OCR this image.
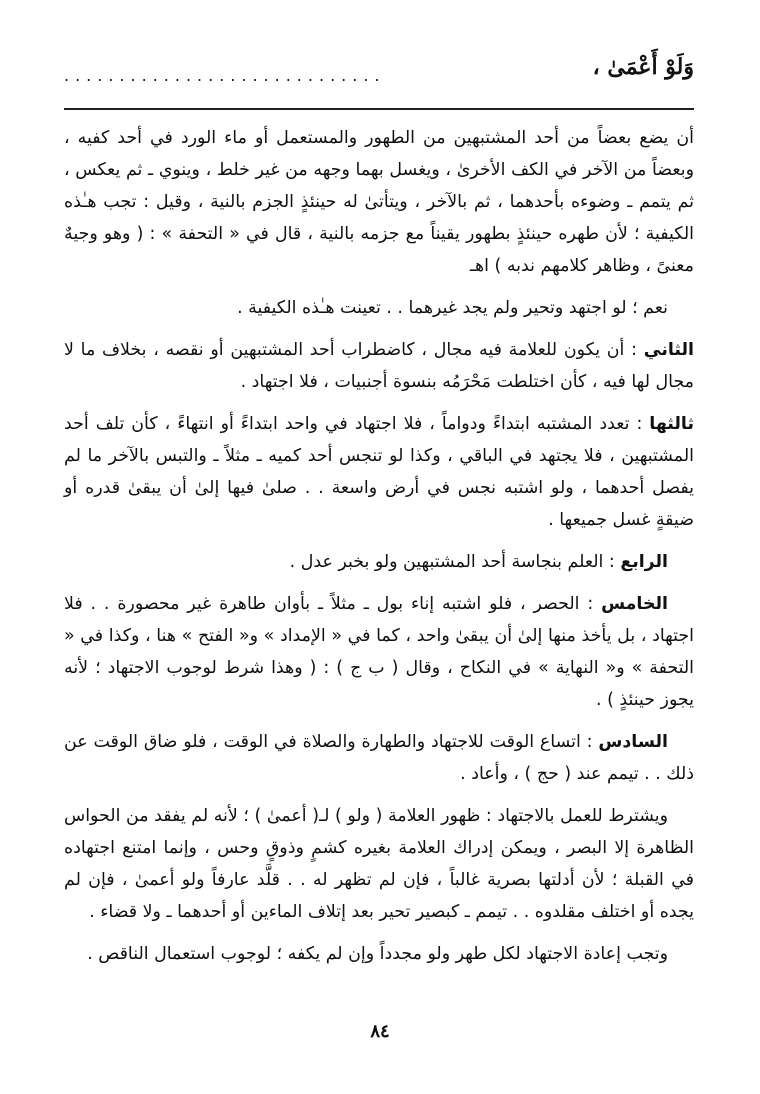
وَلَوْ أَعْمَىٰ ،
.............................

أن يضع بعضاً من أحد المشتبهين من الطهور والمستعمل أو ماء الورد في أحد كفيه ، وبعضاً من الآخر في الكف الأخرىٰ ، ويغسل بهما وجهه من غير خلط ، وينوي ـ ثم يعكس ، ثم يتمم ـ وضوءه بأحدهما ، ثم بالآخر ، ويتأتىٰ له حينئذٍ الجزم بالنية ، وقيل : تجب هـٰذه الكيفية ؛ لأن طهره حينئذٍ بطهور يقيناً مع جزمه بالنية ، قال في « التحفة » : ( وهو وجيهٌ معنىً ، وظاهر كلامهم ندبه ) اهـ

نعم ؛ لو اجتهد وتحير ولم يجد غيرهما . . تعينت هـٰذه الكيفية .

الثاني : أن يكون للعلامة فيه مجال ، كاضطراب أحد المشتبهين أو نقصه ، بخلاف ما لا مجال لها فيه ، كأن اختلطت مَحْرَمُه بنسوة أجنبيات ، فلا اجتهاد .

ثالثها : تعدد المشتبه ابتداءً ودواماً ، فلا اجتهاد في واحد ابتداءً أو انتهاءً ، كأن تلف أحد المشتبهين ، فلا يجتهد في الباقي ، وكذا لو تنجس أحد كميه ـ مثلاً ـ والتبس بالآخر ما لم يفصل أحدهما ، ولو اشتبه نجس في أرض واسعة . . صلىٰ فيها إلىٰ أن يبقىٰ قدره أو ضيقةٍ غسل جميعها .

الرابع : العلم بنجاسة أحد المشتبهين ولو بخبر عدل .

الخامس : الحصر ، فلو اشتبه إناء بول ـ مثلاً ـ بأوان طاهرة غير محصورة . . فلا اجتهاد ، بل يأخذ منها إلىٰ أن يبقىٰ واحد ، كما في « الإمداد » و« الفتح » هنا ، وكذا في « التحفة » و« النهاية » في النكاح ، وقال ( ب ج ) : ( وهذا شرط لوجوب الاجتهاد ؛ لأنه يجوز حينئذٍ ) .

السادس : اتساع الوقت للاجتهاد والطهارة والصلاة في الوقت ، فلو ضاق الوقت عن ذلك . . تيمم عند ( حج ) ، وأعاد .

ويشترط للعمل بالاجتهاد : ظهور العلامة ( ولو ) لـ( أعمىٰ ) ؛ لأنه لم يفقد من الحواس الظاهرة إلا البصر ، ويمكن إدراك العلامة بغيره كشمٍ وذوقٍ وحس ، وإنما امتنع اجتهاده في القبلة ؛ لأن أدلتها بصرية غالباً ، فإن لم تظهر له . . قلَّد عارفاً ولو أعمىٰ ، فإن لم يجده أو اختلف مقلدوه . . تيمم ـ كبصير تحير بعد إتلاف الماءين أو أحدهما ـ ولا قضاء .

وتجب إعادة الاجتهاد لكل طهر ولو مجدداً وإن لم يكفه ؛ لوجوب استعمال الناقص .

٨٤
